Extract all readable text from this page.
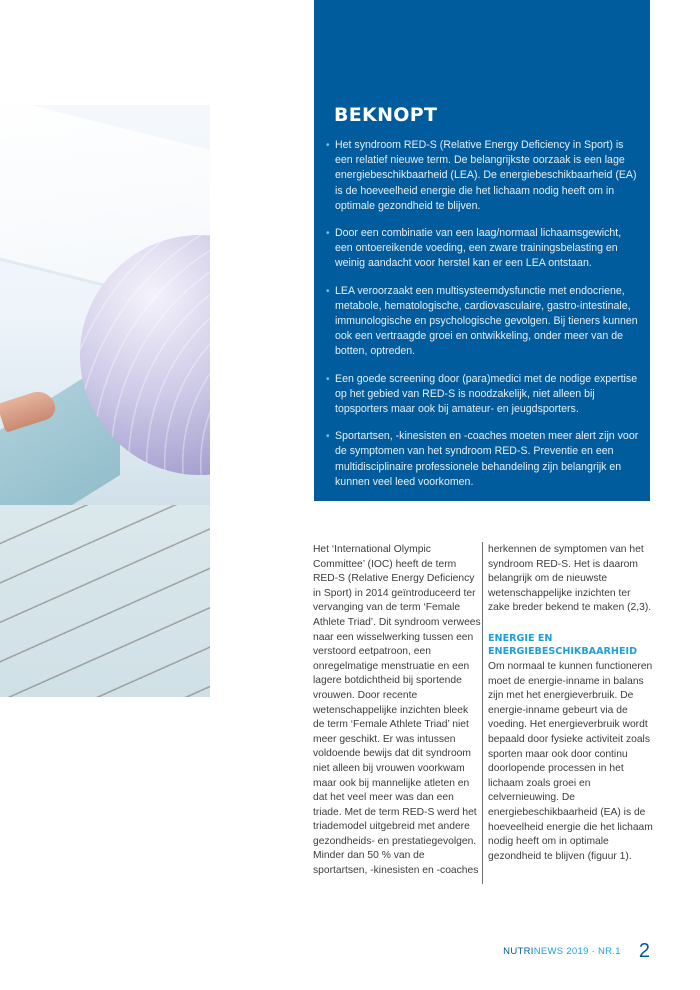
BEKNOPT
• Het syndroom RED-S (Relative Energy Deficiency in Sport) is een relatief nieuwe term. De belangrijkste oorzaak is een lage energiebeschikbaarheid (LEA). De energiebeschikbaarheid (EA) is de hoeveelheid energie die het lichaam nodig heeft om in optimale gezondheid te blijven.
• Door een combinatie van een laag/normaal lichaamsgewicht, een ontoereikende voeding, een zware trainingsbelasting en weinig aandacht voor herstel kan er een LEA ontstaan.
• LEA veroorzaakt een multisysteemdysfunctie met endocriene, metabole, hematologische, cardiovasculaire, gastro-intestinale, immunologische en psychologische gevolgen. Bij tieners kunnen ook een vertraagde groei en ontwikkeling, onder meer van de botten, optreden.
• Een goede screening door (para)medici met de nodige expertise op het gebied van RED-S is noodzakelijk, niet alleen bij topsporters maar ook bij amateur- en jeugdsporters.
• Sportartsen, -kinesisten en -coaches moeten meer alert zijn voor de symptomen van het syndroom RED-S. Preventie en een multidisciplinaire professionele behandeling zijn belangrijk en kunnen veel leed voorkomen.

Het ‘International Olympic Committee’ (IOC) heeft de term RED-S (Relative Energy Deficiency in Sport) in 2014 geïntroduceerd ter vervanging van de term ‘Female Athlete Triad’. Dit syndroom verwees naar een wisselwerking tussen een verstoord eetpatroon, een onregelmatige menstruatie en een lagere botdichtheid bij sportende vrouwen. Door recente wetenschappelijke inzichten bleek de term ‘Female Athlete Triad’ niet meer geschikt. Er was intussen voldoende bewijs dat dit syndroom niet alleen bij vrouwen voorkwam maar ook bij mannelijke atleten en dat het veel meer was dan een triade. Met de term RED-S werd het triademodel uitgebreid met andere gezondheids- en prestatiegevolgen.

Minder dan 50 % van de sportartsen, -kinesisten en -coaches

herkennen de symptomen van het syndroom RED-S. Het is daarom belangrijk om de nieuwste wetenschappelijke inzichten ter zake breder bekend te maken (2,3).

ENERGIE EN ENERGIEBESCHIKBAARHEID

Om normaal te kunnen functioneren moet de energie-inname in balans zijn met het energieverbruik. De energie-inname gebeurt via de voeding. Het energieverbruik wordt bepaald door fysieke activiteit zoals sporten maar ook door continu doorlopende processen in het lichaam zoals groei en celvernieuwing. De energiebeschikbaarheid (EA) is de hoeveelheid energie die het lichaam nodig heeft om in optimale gezondheid te blijven (figuur 1).

NUTRINEWS 2019 · NR.1 2
